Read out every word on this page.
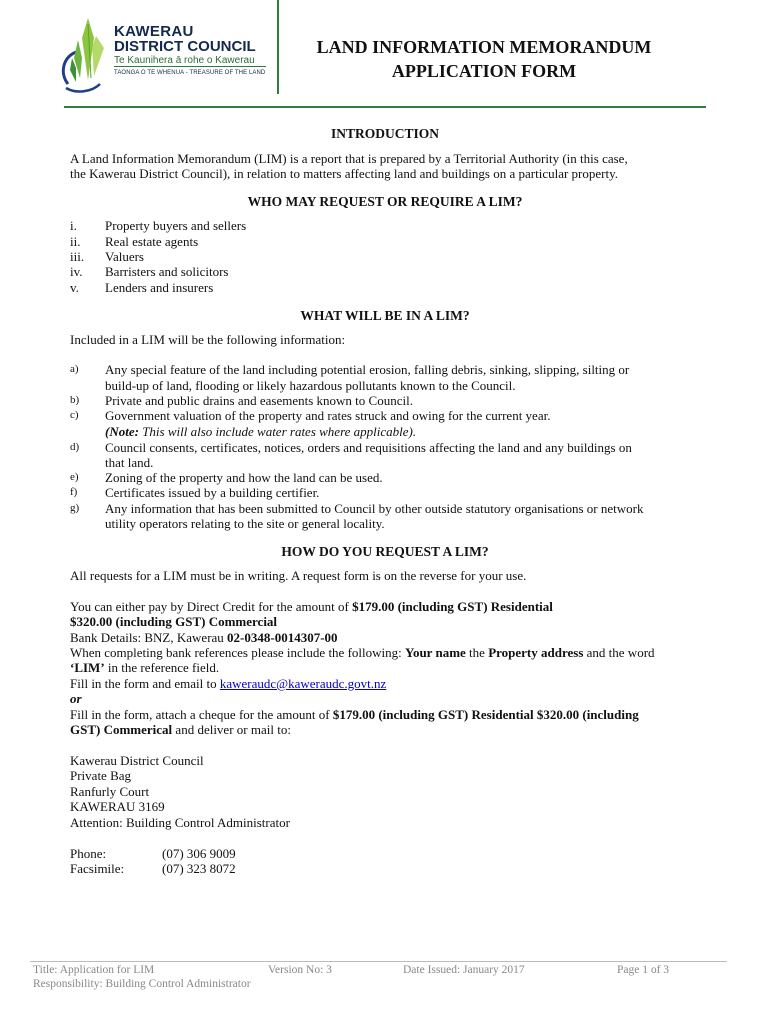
KAWERAU
DISTRICT COUNCIL
Te Kaunihera ā rohe o Kawerau
TAONGA O TE WHENUA - TREASURE OF THE LAND
LAND INFORMATION MEMORANDUM
APPLICATION FORM
INTRODUCTION
A Land Information Memorandum (LIM) is a report that is prepared by a Territorial Authority (in this case,
the Kawerau District Council), in relation to matters affecting land and buildings on a particular property.
WHO MAY REQUEST OR REQUIRE A LIM?
i. Property buyers and sellers
ii. Real estate agents
iii. Valuers
iv. Barristers and solicitors
v. Lenders and insurers
WHAT WILL BE IN A LIM?
Included in a LIM will be the following information:
a) Any special feature of the land including potential erosion, falling debris, sinking, slipping, silting or
build-up of land, flooding or likely hazardous pollutants known to the Council.
b) Private and public drains and easements known to Council.
c) Government valuation of the property and rates struck and owing for the current year.
(Note: This will also include water rates where applicable).
d) Council consents, certificates, notices, orders and requisitions affecting the land and any buildings on
that land.
e) Zoning of the property and how the land can be used.
f) Certificates issued by a building certifier.
g) Any information that has been submitted to Council by other outside statutory organisations or network
utility operators relating to the site or general locality.
HOW DO YOU REQUEST A LIM?
All requests for a LIM must be in writing. A request form is on the reverse for your use.
You can either pay by Direct Credit for the amount of $179.00 (including GST) Residential
$320.00 (including GST) Commercial
Bank Details: BNZ, Kawerau 02-0348-0014307-00
When completing bank references please include the following: Your name the Property address and the word
‘LIM’ in the reference field.
Fill in the form and email to kaweraudc@kaweraudc.govt.nz
or
Fill in the form, attach a cheque for the amount of $179.00 (including GST) Residential $320.00 (including
GST) Commerical and deliver or mail to:
Kawerau District Council
Private Bag
Ranfurly Court
KAWERAU 3169
Attention: Building Control Administrator
Phone:	(07) 306 9009
Facsimile:	(07) 323 8072
Title: Application for LIM	Version No: 3	Date Issued: January 2017	Page 1 of 3
Responsibility: Building Control Administrator
